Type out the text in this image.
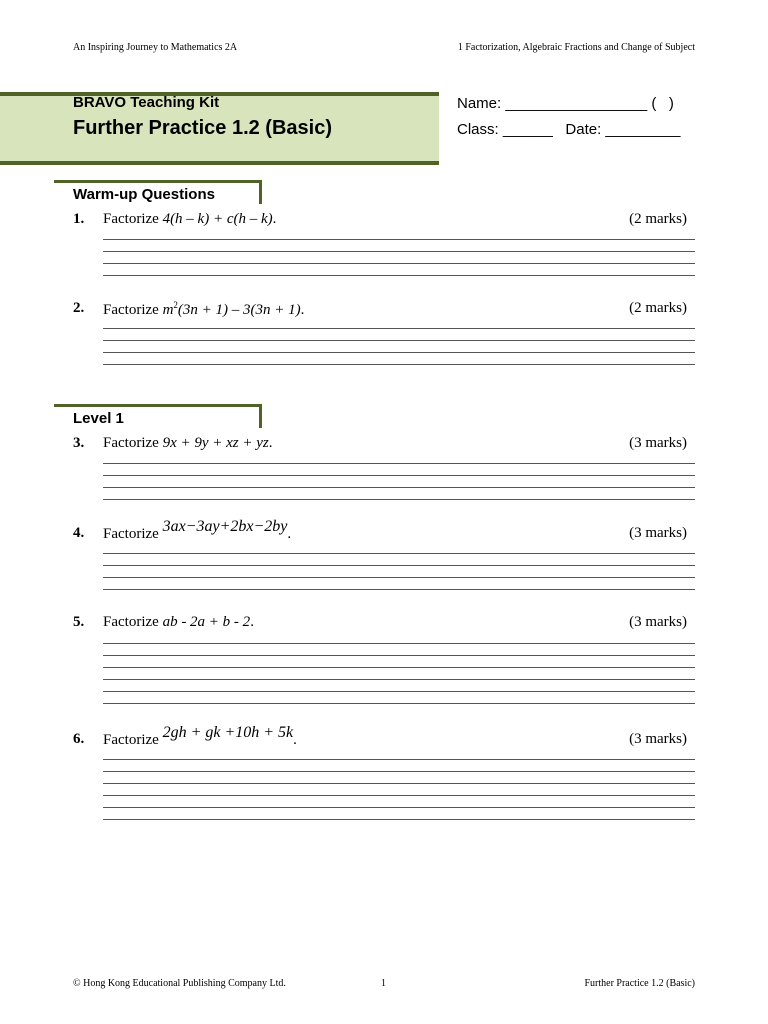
An Inspiring Journey to Mathematics 2A	1 Factorization, Algebraic Fractions and Change of Subject
BRAVO Teaching Kit
Further Practice 1.2 (Basic)
Name: _________________ (   )
Class: ______   Date: _________
Warm-up Questions
1. Factorize 4(h – k) + c(h – k).	(2 marks)
2. Factorize $m^2(3n + 1) - 3(3n + 1)$.	(2 marks)
Level 1
3. Factorize 9x + 9y + xz + yz.	(3 marks)
4. Factorize 3ax−3ay+2bx−2by.	(3 marks)
5. Factorize ab - 2a + b - 2.	(3 marks)
6. Factorize 2gh + gk +10h + 5k.	(3 marks)
© Hong Kong Educational Publishing Company Ltd.	1	Further Practice 1.2 (Basic)
